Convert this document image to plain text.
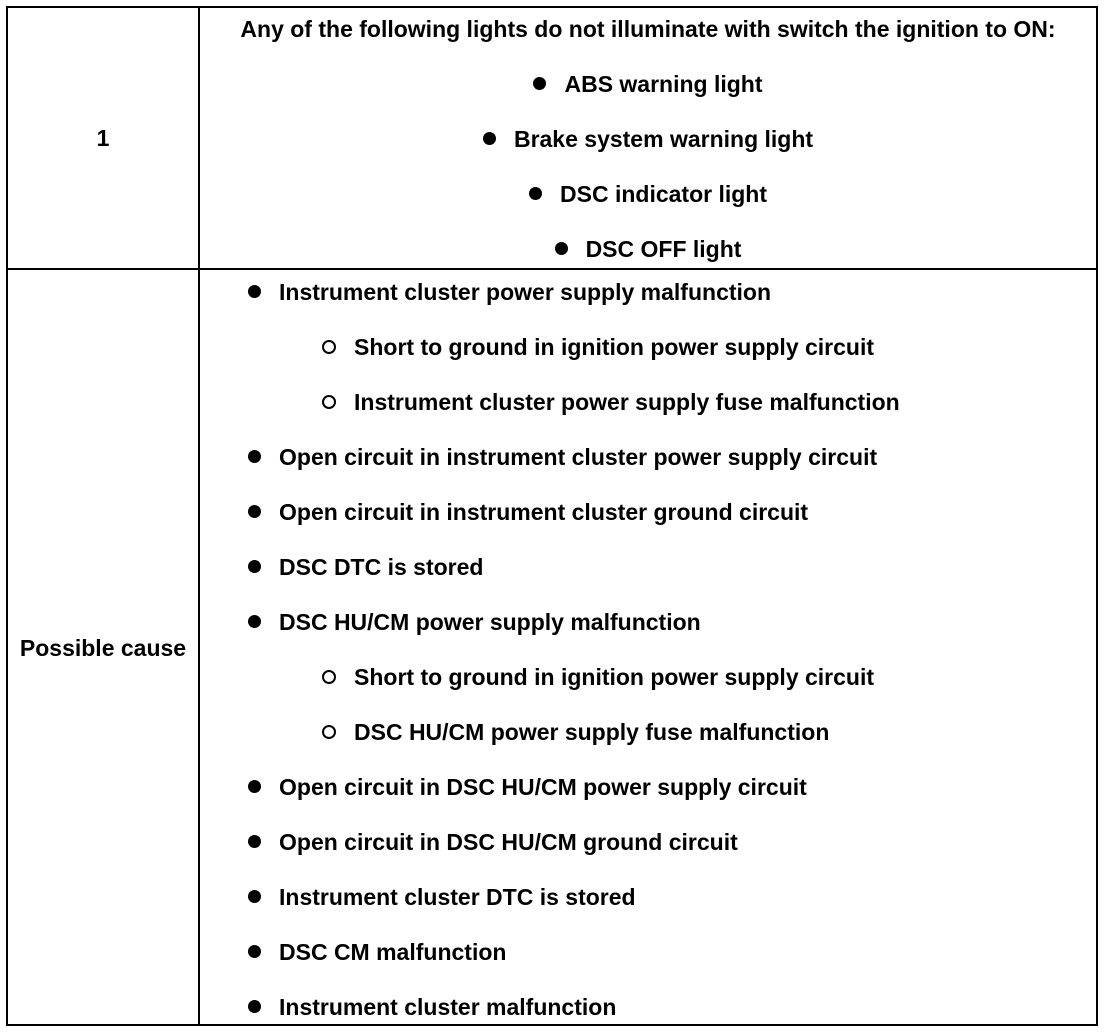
1
Any of the following lights do not illuminate with switch the ignition to ON:
ABS warning light
Brake system warning light
DSC indicator light
DSC OFF light
Possible cause
Instrument cluster power supply malfunction
Short to ground in ignition power supply circuit
Instrument cluster power supply fuse malfunction
Open circuit in instrument cluster power supply circuit
Open circuit in instrument cluster ground circuit
DSC DTC is stored
DSC HU/CM power supply malfunction
Short to ground in ignition power supply circuit
DSC HU/CM power supply fuse malfunction
Open circuit in DSC HU/CM power supply circuit
Open circuit in DSC HU/CM ground circuit
Instrument cluster DTC is stored
DSC CM malfunction
Instrument cluster malfunction
